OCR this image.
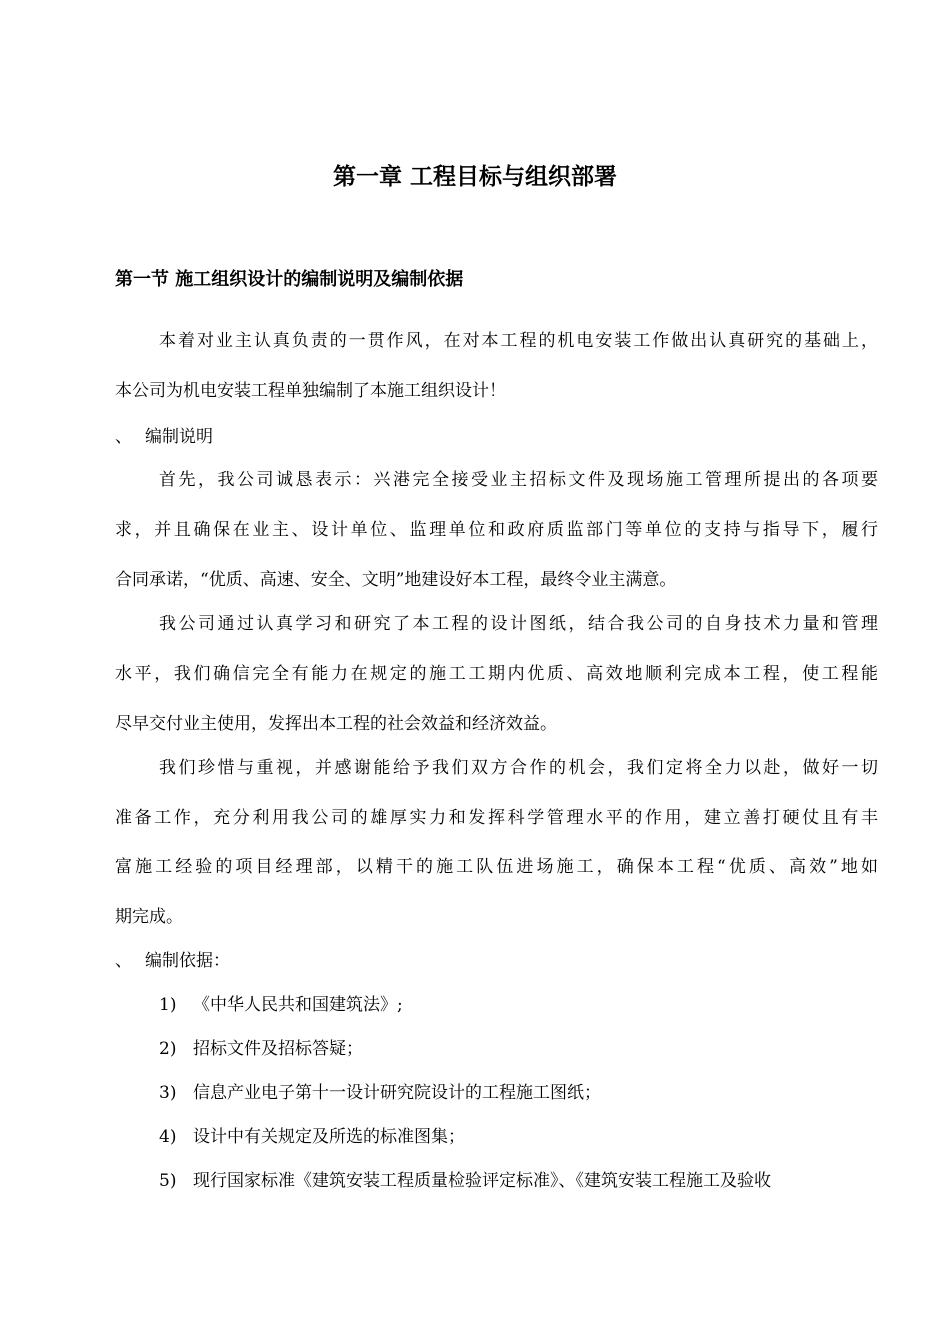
第一章 工程目标与组织部署
第一节 施工组织设计的编制说明及编制依据
本着对业主认真负责的一贯作风，在对本工程的机电安装工作做出认真研究的基础上，
本公司为机电安装工程单独编制了本施工组织设计！
、 编制说明
首先，我公司诚恳表示：兴港完全接受业主招标文件及现场施工管理所提出的各项要
求，并且确保在业主、设计单位、监理单位和政府质监部门等单位的支持与指导下，履行
合同承诺，“优质、高速、安全、文明”地建设好本工程，最终令业主满意。
我公司通过认真学习和研究了本工程的设计图纸，结合我公司的自身技术力量和管理
水平，我们确信完全有能力在规定的施工工期内优质、高效地顺利完成本工程，使工程能
尽早交付业主使用，发挥出本工程的社会效益和经济效益。
我们珍惜与重视，并感谢能给予我们双方合作的机会，我们定将全力以赴，做好一切
准备工作，充分利用我公司的雄厚实力和发挥科学管理水平的作用，建立善打硬仗且有丰
富施工经验的项目经理部，以精干的施工队伍进场施工，确保本工程“优质、高效”地如
期完成。
、 编制依据：
1) 《中华人民共和国建筑法》;
2) 招标文件及招标答疑；
3) 信息产业电子第十一设计研究院设计的工程施工图纸；
4) 设计中有关规定及所选的标准图集；
5) 现行国家标准《建筑安装工程质量检验评定标准》、《建筑安装工程施工及验收
